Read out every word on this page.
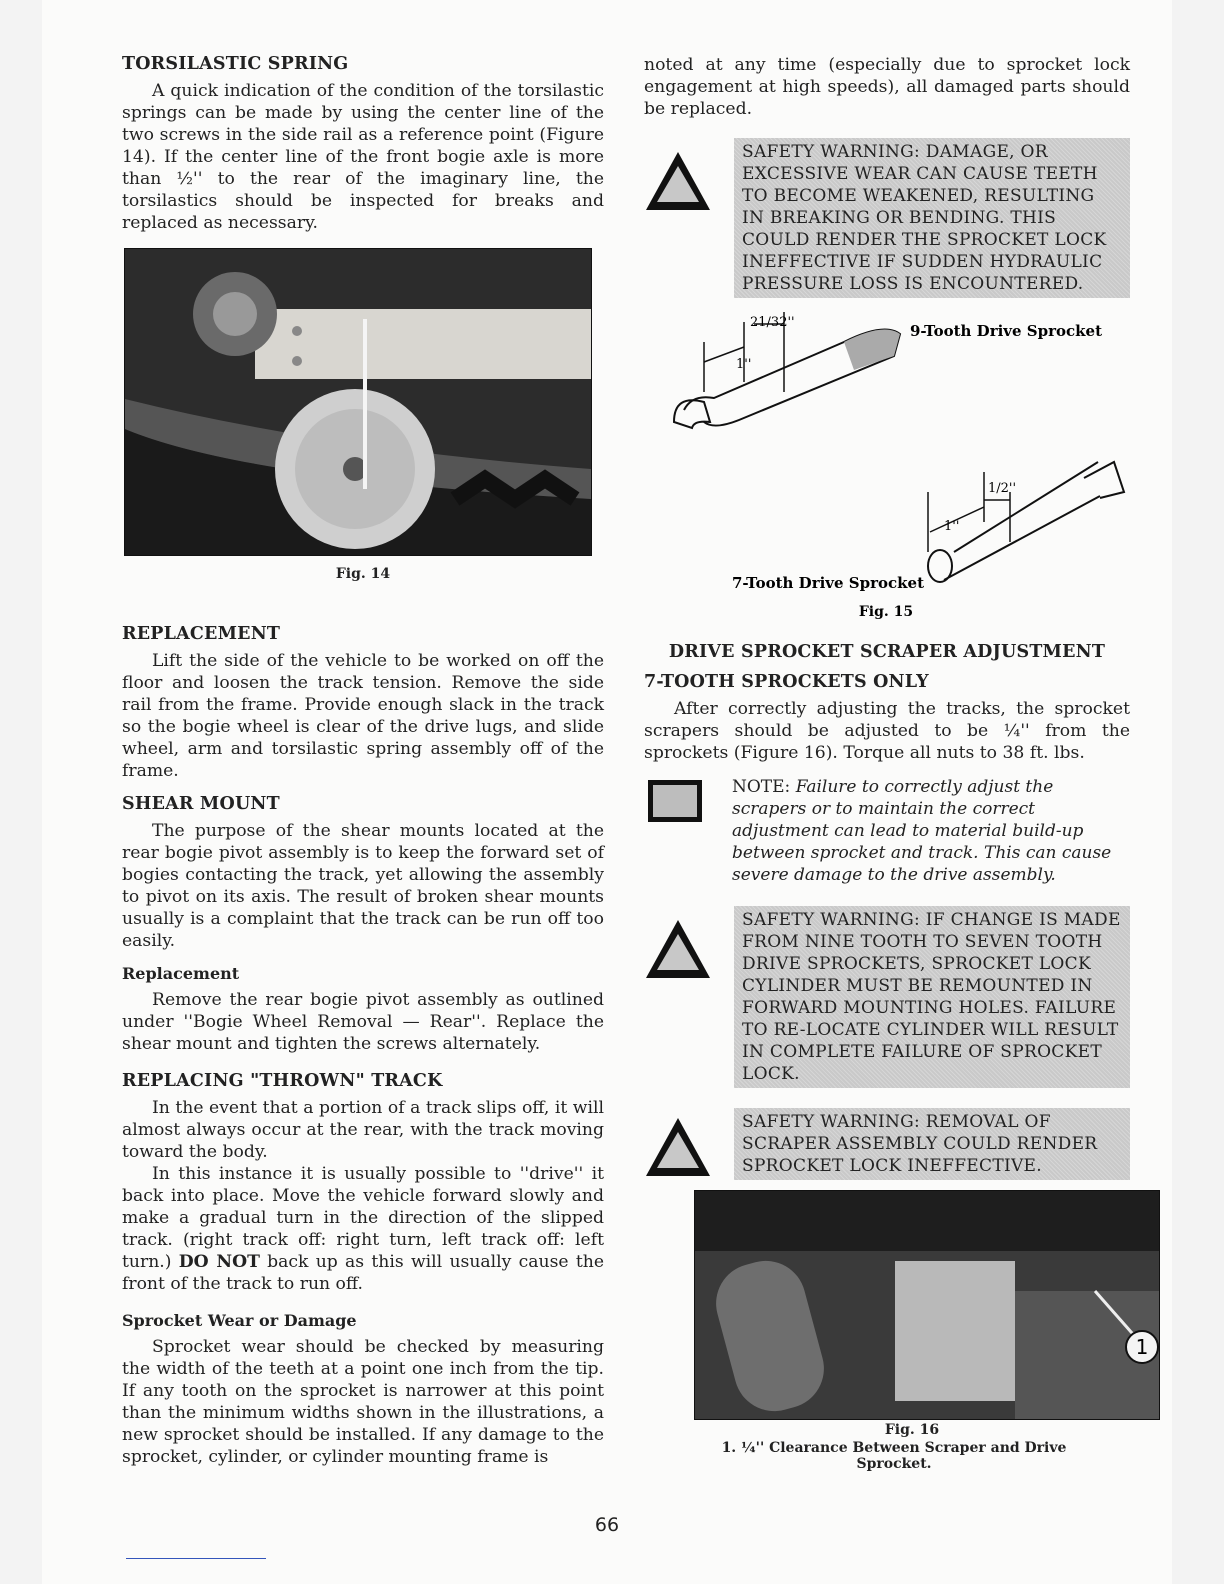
TORSILASTIC SPRING

A quick indication of the condition of the torsilastic springs can be made by using the center line of the two screws in the side rail as a reference point (Figure 14). If the center line of the front bogie axle is more than ½'' to the rear of the imaginary line, the torsilastics should be inspected for breaks and replaced as necessary.

Fig. 14
REPLACEMENT

Lift the side of the vehicle to be worked on off the floor and loosen the track tension. Remove the side rail from the frame. Provide enough slack in the track so the bogie wheel is clear of the drive lugs, and slide wheel, arm and torsilastic spring assembly off of the frame.

SHEAR MOUNT

The purpose of the shear mounts located at the rear bogie pivot assembly is to keep the forward set of bogies contacting the track, yet allowing the assembly to pivot on its axis. The result of broken shear mounts usually is a complaint that the track can be run off too easily.

Replacement

Remove the rear bogie pivot assembly as outlined under ''Bogie Wheel Removal — Rear''. Replace the shear mount and tighten the screws alternately.

REPLACING "THROWN" TRACK

In the event that a portion of a track slips off, it will almost always occur at the rear, with the track moving toward the body.

In this instance it is usually possible to ''drive'' it back into place. Move the vehicle forward slowly and make a gradual turn in the direction of the slipped track. (right track off: right turn, left track off: left turn.) DO NOT back up as this will usually cause the front of the track to run off.

Sprocket Wear or Damage

Sprocket wear should be checked by measuring the width of the teeth at a point one inch from the tip. If any tooth on the sprocket is narrower at this point than the minimum widths shown in the illustrations, a new sprocket should be installed. If any damage to the sprocket, cylinder, or cylinder mounting frame is

noted at any time (especially due to sprocket lock engagement at high speeds), all damaged parts should be replaced.

SAFETY WARNING: DAMAGE, OR EXCESSIVE WEAR CAN CAUSE TEETH TO BECOME WEAKENED, RESULTING IN BREAKING OR BENDING. THIS COULD RENDER THE SPROCKET LOCK INEFFECTIVE IF SUDDEN HYDRAULIC PRESSURE LOSS IS ENCOUNTERED.
1''
21/32''	9-Tooth Drive Sprocket
1''
1/2''
7-Tooth Drive Sprocket
Fig. 15
DRIVE SPROCKET SCRAPER ADJUSTMENT
7-TOOTH SPROCKETS ONLY

After correctly adjusting the tracks, the sprocket scrapers should be adjusted to be ¼'' from the sprockets (Figure 16). Torque all nuts to 38 ft. lbs.

NOTE: Failure to correctly adjust the scrapers or to maintain the correct adjustment can lead to material build-up between sprocket and track. This can cause severe damage to the drive assembly.
SAFETY WARNING: IF CHANGE IS MADE FROM NINE TOOTH TO SEVEN TOOTH DRIVE SPROCKETS, SPROCKET LOCK CYLINDER MUST BE REMOUNTED IN FORWARD MOUNTING HOLES. FAILURE TO RE-LOCATE CYLINDER WILL RESULT IN COMPLETE FAILURE OF SPROCKET LOCK.
SAFETY WARNING: REMOVAL OF SCRAPER ASSEMBLY COULD RENDER SPROCKET LOCK INEFFECTIVE.
1
Fig. 16
1. ¼'' Clearance Between Scraper and Drive Sprocket.
66
